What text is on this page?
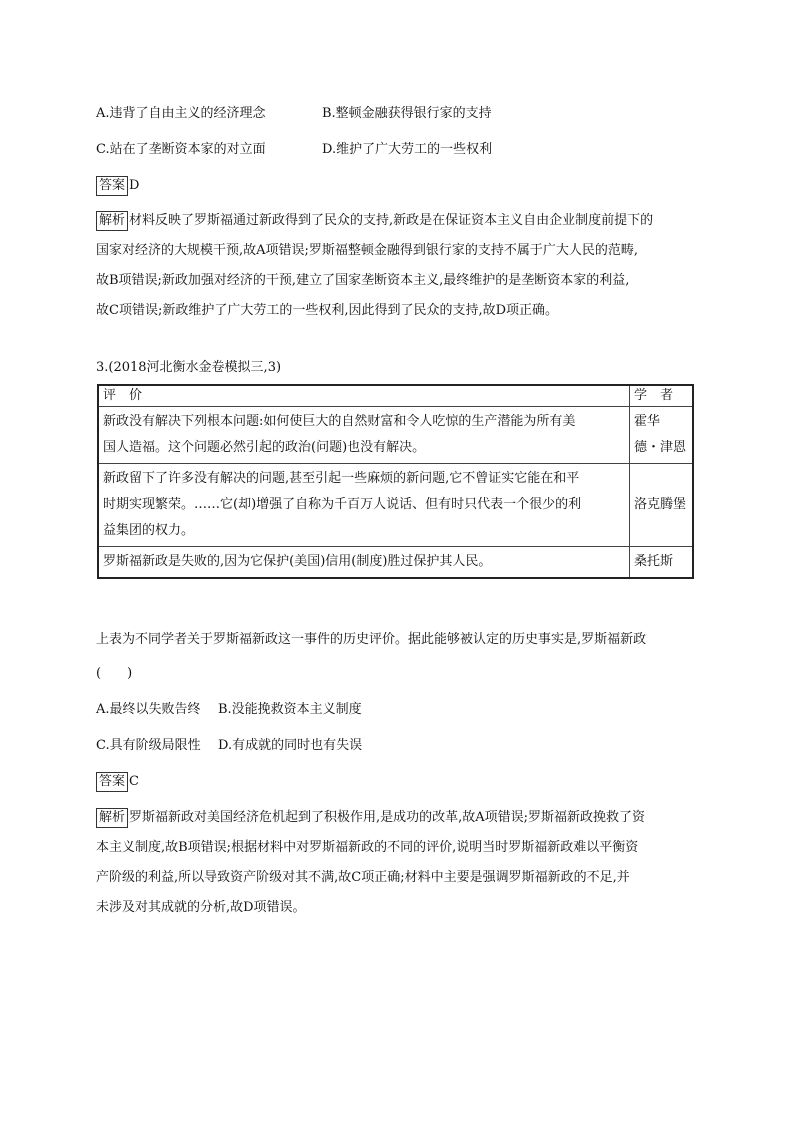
A.违背了自由主义的经济理念	B.整顿金融获得银行家的支持
C.站在了垄断资本家的对立面	D.维护了广大劳工的一些权利
答案 D
解析 材料反映了罗斯福通过新政得到了民众的支持,新政是在保证资本主义自由企业制度前提下的
国家对经济的大规模干预,故A项错误;罗斯福整顿金融得到银行家的支持不属于广大人民的范畴,
故B项错误;新政加强对经济的干预,建立了国家垄断资本主义,最终维护的是垄断资本家的利益,
故C项错误;新政维护了广大劳工的一些权利,因此得到了民众的支持,故D项正确。
3.(2018河北衡水金卷模拟三,3)
评　价	学　者

新政没有解决下列根本问题:如何使巨大的自然财富和令人吃惊的生产潜能为所有美
国人造福。这个问题必然引起的政治(问题)也没有解决。	霍华
德・津恩

新政留下了许多没有解决的问题,甚至引起一些麻烦的新问题,它不曾证实它能在和平
时期实现繁荣。……它(却)增强了自称为千百万人说话、但有时只代表一个很少的利
益集团的权力。	洛克腾堡

罗斯福新政是失败的,因为它保护(美国)信用(制度)胜过保护其人民。	桑托斯
上表为不同学者关于罗斯福新政这一事件的历史评价。据此能够被认定的历史事实是,罗斯福新政
(　　)
A.最终以失败告终 B.没能挽救资本主义制度
C.具有阶级局限性 D.有成就的同时也有失误
答案 C
解析 罗斯福新政对美国经济危机起到了积极作用,是成功的改革,故A项错误;罗斯福新政挽救了资
本主义制度,故B项错误;根据材料中对罗斯福新政的不同的评价,说明当时罗斯福新政难以平衡资
产阶级的利益,所以导致资产阶级对其不满,故C项正确;材料中主要是强调罗斯福新政的不足,并
未涉及对其成就的分析,故D项错误。
